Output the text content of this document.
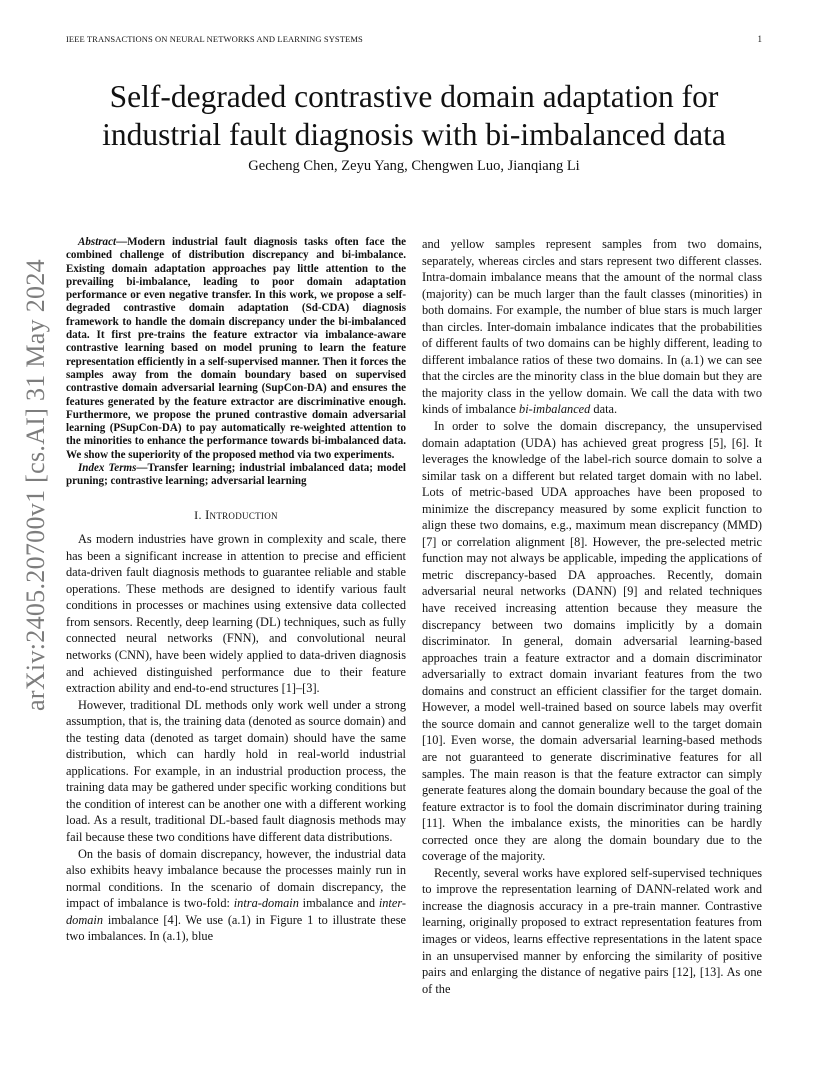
IEEE TRANSACTIONS ON NEURAL NETWORKS AND LEARNING SYSTEMS	1
arXiv:2405.20700v1 [cs.AI] 31 May 2024
Self-degraded contrastive domain adaptation for industrial fault diagnosis with bi-imbalanced data
Gecheng Chen, Zeyu Yang, Chengwen Luo, Jianqiang Li

Abstract—Modern industrial fault diagnosis tasks often face the combined challenge of distribution discrepancy and bi-imbalance. Existing domain adaptation approaches pay little attention to the prevailing bi-imbalance, leading to poor domain adaptation performance or even negative transfer. In this work, we propose a self-degraded contrastive domain adaptation (Sd-CDA) diagnosis framework to handle the domain discrepancy under the bi-imbalanced data. It first pre-trains the feature extractor via imbalance-aware contrastive learning based on model pruning to learn the feature representation efficiently in a self-supervised manner. Then it forces the samples away from the domain boundary based on supervised contrastive domain adversarial learning (SupCon-DA) and ensures the features generated by the feature extractor are discriminative enough. Furthermore, we propose the pruned contrastive domain adversarial learning (PSupCon-DA) to pay automatically re-weighted attention to the minorities to enhance the performance towards bi-imbalanced data. We show the superiority of the proposed method via two experiments.

Index Terms—Transfer learning; industrial imbalanced data; model pruning; contrastive learning; adversarial learning

I. Introduction

As modern industries have grown in complexity and scale, there has been a significant increase in attention to precise and efficient data-driven fault diagnosis methods to guarantee reliable and stable operations. These methods are designed to identify various fault conditions in processes or machines using extensive data collected from sensors. Recently, deep learning (DL) techniques, such as fully connected neural networks (FNN), and convolutional neural networks (CNN), have been widely applied to data-driven diagnosis and achieved distinguished performance due to their feature extraction ability and end-to-end structures [1]–[3].

However, traditional DL methods only work well under a strong assumption, that is, the training data (denoted as source domain) and the testing data (denoted as target domain) should have the same distribution, which can hardly hold in real-world industrial applications. For example, in an industrial production process, the training data may be gathered under specific working conditions but the condition of interest can be another one with a different working load. As a result, traditional DL-based fault diagnosis methods may fail because these two conditions have different data distributions.

On the basis of domain discrepancy, however, the industrial data also exhibits heavy imbalance because the processes mainly run in normal conditions. In the scenario of domain discrepancy, the impact of imbalance is two-fold: intra-domain imbalance and inter-domain imbalance [4]. We use (a.1) in Figure 1 to illustrate these two imbalances. In (a.1), blue

and yellow samples represent samples from two domains, separately, whereas circles and stars represent two different classes. Intra-domain imbalance means that the amount of the normal class (majority) can be much larger than the fault classes (minorities) in both domains. For example, the number of blue stars is much larger than circles. Inter-domain imbalance indicates that the probabilities of different faults of two domains can be highly different, leading to different imbalance ratios of these two domains. In (a.1) we can see that the circles are the minority class in the blue domain but they are the majority class in the yellow domain. We call the data with two kinds of imbalance bi-imbalanced data.

In order to solve the domain discrepancy, the unsupervised domain adaptation (UDA) has achieved great progress [5], [6]. It leverages the knowledge of the label-rich source domain to solve a similar task on a different but related target domain with no label. Lots of metric-based UDA approaches have been proposed to minimize the discrepancy measured by some explicit function to align these two domains, e.g., maximum mean discrepancy (MMD) [7] or correlation alignment [8]. However, the pre-selected metric function may not always be applicable, impeding the applications of metric discrepancy-based DA approaches. Recently, domain adversarial neural networks (DANN) [9] and related techniques have received increasing attention because they measure the discrepancy between two domains implicitly by a domain discriminator. In general, domain adversarial learning-based approaches train a feature extractor and a domain discriminator adversarially to extract domain invariant features from the two domains and construct an efficient classifier for the target domain. However, a model well-trained based on source labels may overfit the source domain and cannot generalize well to the target domain [10]. Even worse, the domain adversarial learning-based methods are not guaranteed to generate discriminative features for all samples. The main reason is that the feature extractor can simply generate features along the domain boundary because the goal of the feature extractor is to fool the domain discriminator during training [11]. When the imbalance exists, the minorities can be hardly corrected once they are along the domain boundary due to the coverage of the majority.

Recently, several works have explored self-supervised techniques to improve the representation learning of DANN-related work and increase the diagnosis accuracy in a pre-train manner. Contrastive learning, originally proposed to extract representation features from images or videos, learns effective representations in the latent space in an unsupervised manner by enforcing the similarity of positive pairs and enlarging the distance of negative pairs [12], [13]. As one of the
